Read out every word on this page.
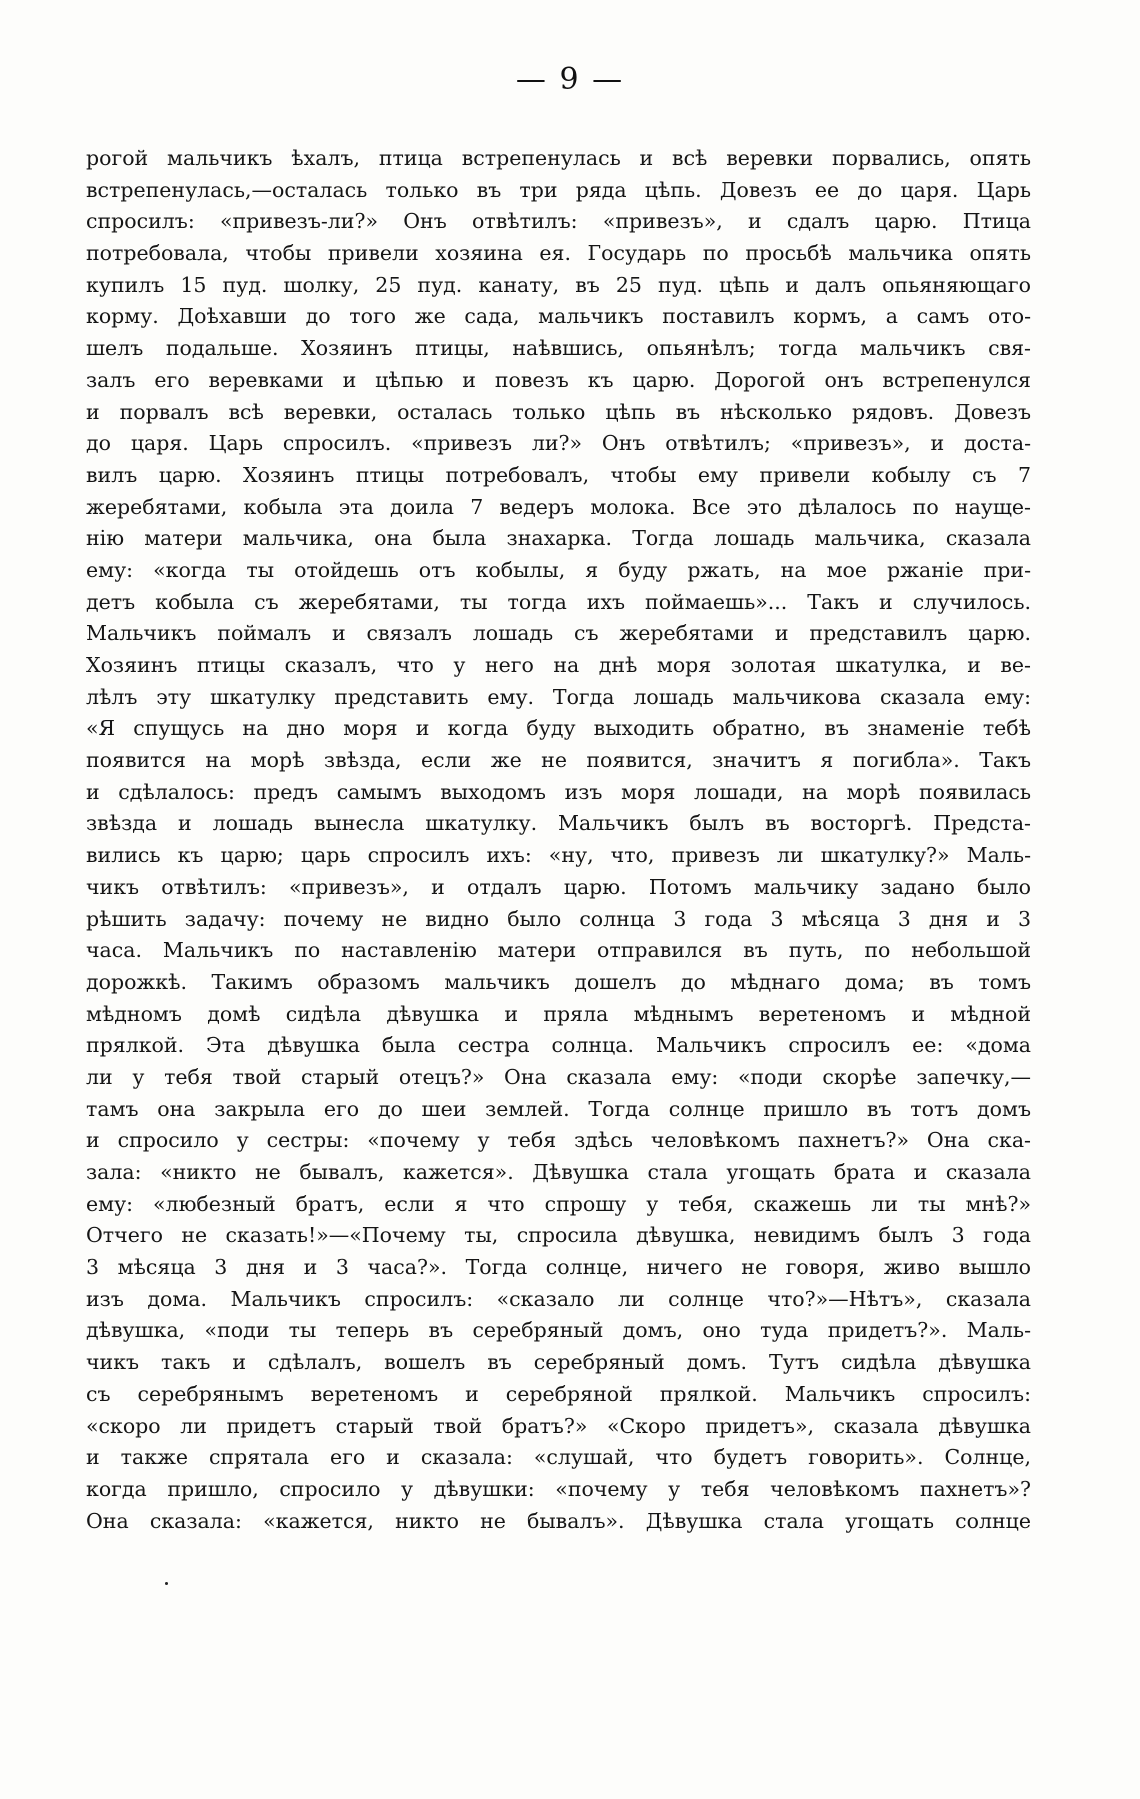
— 9 —
рогой мальчикъ ѣхалъ, птица встрепенулась и всѣ веревки порвались, опять
встрепенулась,—осталась только въ три ряда цѣпь. Довезъ ее до царя. Царь
спросилъ: «привезъ-ли?» Онъ отвѣтилъ: «привезъ», и сдалъ царю. Птица
потребовала, чтобы привели хозяина ея. Государь по просьбѣ мальчика опять
купилъ 15 пуд. шолку, 25 пуд. канату, въ 25 пуд. цѣпь и далъ опьяняющаго
корму. Доѣхавши до того же сада, мальчикъ поставилъ кормъ, а самъ ото-
шелъ подальше. Хозяинъ птицы, наѣвшись, опьянѣлъ; тогда мальчикъ свя-
залъ его веревками и цѣпью и повезъ къ царю. Дорогой онъ встрепенулся
и порвалъ всѣ веревки, осталась только цѣпь въ нѣсколько рядовъ. Довезъ
до царя. Царь спросилъ. «привезъ ли?» Онъ отвѣтилъ; «привезъ», и доста-
вилъ царю. Хозяинъ птицы потребовалъ, чтобы ему привели кобылу съ 7
жеребятами, кобыла эта доила 7 ведеръ молока. Все это дѣлалось по наущe-
нію матери мальчика, она была знахарка. Тогда лошадь мальчика, сказала
ему: «когда ты отойдешь отъ кобылы, я буду ржать, на мое ржаніе при-
детъ кобыла съ жеребятами, ты тогда ихъ поймаешь»... Такъ и случилось.
Мальчикъ поймалъ и связалъ лошадь съ жеребятами и представилъ царю.
Хозяинъ птицы сказалъ, что у него на днѣ моря золотая шкатулка, и ве-
лѣлъ эту шкатулку представить ему. Тогда лошадь мальчикова сказала ему:
«Я спущусь на дно моря и когда буду выходить обратно, въ знаменіе тебѣ
появится на морѣ звѣзда, если же не появится, значитъ я погибла». Такъ
и сдѣлалось: предъ самымъ выходомъ изъ моря лошади, на морѣ появилась
звѣзда и лошадь вынесла шкатулку. Мальчикъ былъ въ восторгѣ. Предста-
вились къ царю; царь спросилъ ихъ: «ну, что, привезъ ли шкатулку?» Маль-
чикъ отвѣтилъ: «привезъ», и отдалъ царю. Потомъ мальчику задано было
рѣшить задачу: почему не видно было солнца 3 года 3 мѣсяца 3 дня и 3
часа. Мальчикъ по наставленію матери отправился въ путь, по небольшой
дорожкѣ. Такимъ образомъ мальчикъ дошелъ до мѣднаго дома; въ томъ
мѣдномъ домѣ сидѣла дѣвушка и пряла мѣднымъ веретеномъ и мѣдной
прялкой. Эта дѣвушка была сестра солнца. Мальчикъ спросилъ ее: «дома
ли у тебя твой старый отецъ?» Она сказала ему: «поди скорѣе запечку,—
тамъ она закрыла его до шеи землей. Тогда солнце пришло въ тотъ домъ
и спросило у сестры: «почему у тебя здѣсь человѣкомъ пахнетъ?» Она ска-
зала: «никто не бывалъ, кажется». Дѣвушка стала угощать брата и сказала
ему: «любезный братъ, если я что спрошу у тебя, скажешь ли ты мнѣ?»
Отчего не сказать!»—«Почему ты, спросила дѣвушка, невидимъ былъ 3 года
3 мѣсяца 3 дня и 3 часа?». Тогда солнце, ничего не говоря, живо вышло
изъ дома. Мальчикъ спросилъ: «сказало ли солнце что?»—Нѣтъ», сказала
дѣвушка, «поди ты теперь въ серебряный домъ, оно туда придетъ?». Маль-
чикъ такъ и сдѣлалъ, вошелъ въ серебряный домъ. Тутъ сидѣла дѣвушка
съ серебрянымъ веретеномъ и серебряной прялкой. Мальчикъ спросилъ:
«скоро ли придетъ старый твой братъ?» «Скоро придетъ», сказала дѣвушка
и также спрятала его и сказала: «слушай, что будетъ говорить». Солнце,
когда пришло, спросило у дѣвушки: «почему у тебя человѣкомъ пахнетъ»?
Она сказала: «кажется, никто не бывалъ». Дѣвушка стала угощать солнце
